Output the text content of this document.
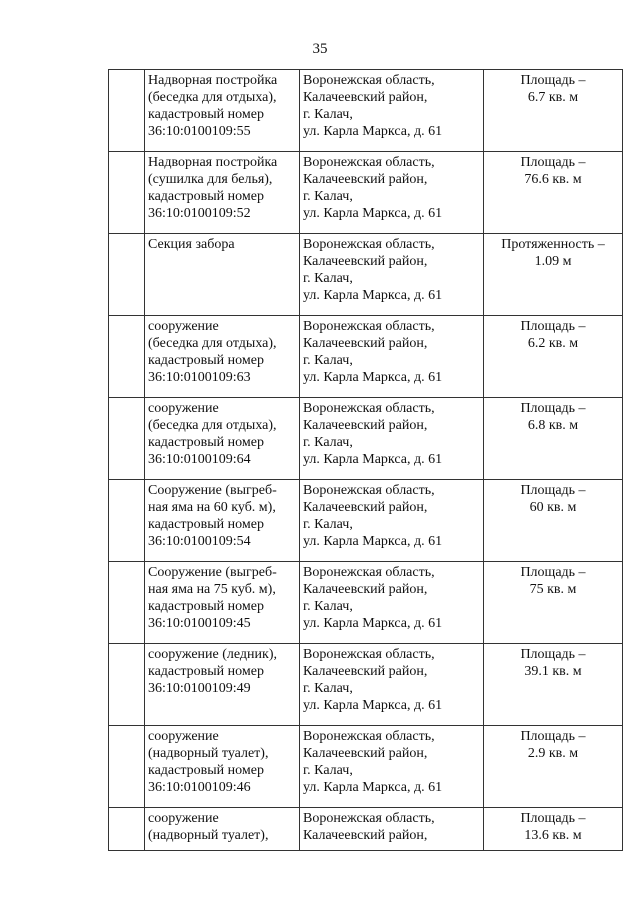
35

	Надворная постройка
(беседка для отдыха),
кадастровый номер
36:10:0100109:55	Воронежская область,
Калачеевский район,
г. Калач,
ул. Карла Маркса, д. 61	Площадь –
6.7 кв. м

	Надворная постройка
(сушилка для белья),
кадастровый номер
36:10:0100109:52	Воронежская область,
Калачеевский район,
г. Калач,
ул. Карла Маркса, д. 61	Площадь –
76.6 кв. м

	Секция забора	Воронежская область,
Калачеевский район,
г. Калач,
ул. Карла Маркса, д. 61	Протяженность –
1.09 м

	сооружение
(беседка для отдыха),
кадастровый номер
36:10:0100109:63	Воронежская область,
Калачеевский район,
г. Калач,
ул. Карла Маркса, д. 61	Площадь –
6.2 кв. м

	сооружение
(беседка для отдыха),
кадастровый номер
36:10:0100109:64	Воронежская область,
Калачеевский район,
г. Калач,
ул. Карла Маркса, д. 61	Площадь –
6.8 кв. м

	Сооружение (выгреб-
ная яма на 60 куб. м),
кадастровый номер
36:10:0100109:54	Воронежская область,
Калачеевский район,
г. Калач,
ул. Карла Маркса, д. 61	Площадь –
60 кв. м

	Сооружение (выгреб-
ная яма на 75 куб. м),
кадастровый номер
36:10:0100109:45	Воронежская область,
Калачеевский район,
г. Калач,
ул. Карла Маркса, д. 61	Площадь –
75 кв. м

	сооружение (ледник),
кадастровый номер
36:10:0100109:49	Воронежская область,
Калачеевский район,
г. Калач,
ул. Карла Маркса, д. 61	Площадь –
39.1 кв. м

	сооружение
(надворный туалет),
кадастровый номер
36:10:0100109:46	Воронежская область,
Калачеевский район,
г. Калач,
ул. Карла Маркса, д. 61	Площадь –
2.9 кв. м

	сооружение
(надворный туалет),	Воронежская область,
Калачеевский район,	Площадь –
13.6 кв. м
